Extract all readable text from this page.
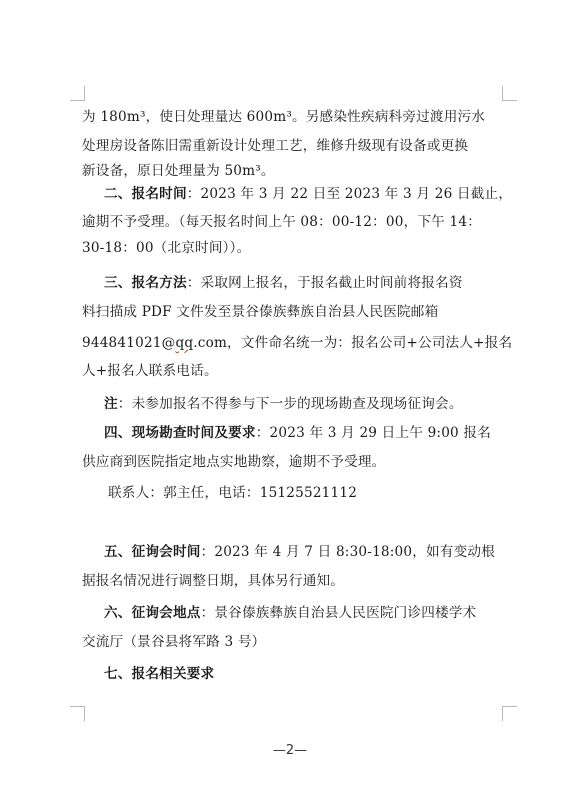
为 180m³，使日处理量达 600m³。另感染性疾病科旁过渡用污水
处理房设备陈旧需重新设计处理工艺，维修升级现有设备或更换
新设备，原日处理量为 50m³。
二、报名时间：2023 年 3 月 22 日至 2023 年 3 月 26 日截止，
逾期不予受理。（每天报名时间上午 08：00-12：00，下午 14：
30-18：00（北京时间））。
三、报名方法：采取网上报名，于报名截止时间前将报名资
料扫描成 PDF 文件发至景谷傣族彝族自治县人民医院邮箱
944841021@qq.com，文件命名统一为：报名公司+公司法人+报名
人+报名人联系电话。
注：未参加报名不得参与下一步的现场勘查及现场征询会。
四、现场勘查时间及要求：2023 年 3 月 29 日上午 9:00 报名
供应商到医院指定地点实地勘察，逾期不予受理。
联系人：郭主任，电话：15125521112
五、征询会时间：2023 年 4 月 7 日 8:30-18:00，如有变动根
据报名情况进行调整日期，具体另行通知。
六、征询会地点：景谷傣族彝族自治县人民医院门诊四楼学术
交流厅（景谷县将军路 3 号）
七、报名相关要求
—2—
